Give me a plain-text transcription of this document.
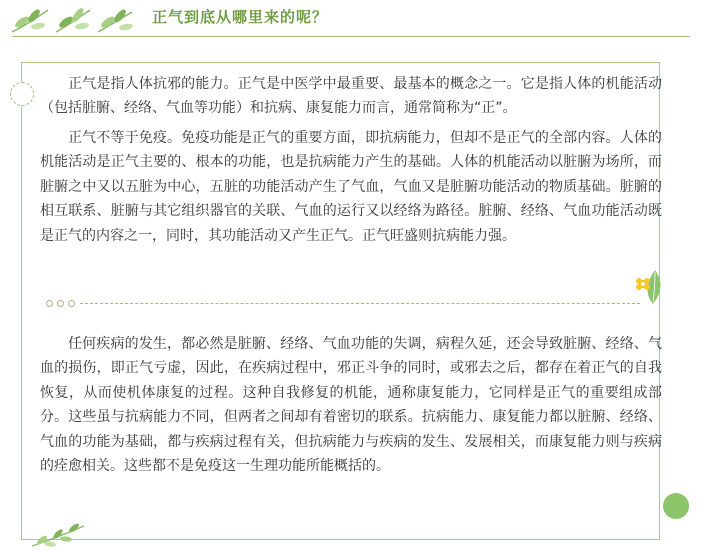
正气到底从哪里来的呢？

正气是指人体抗邪的能力。正气是中医学中最重要、最基本的概念之一。它是指人体的机能活动（包括脏腑、经络、气血等功能）和抗病、康复能力而言，通常简称为“正”。

正气不等于免疫。免疫功能是正气的重要方面，即抗病能力，但却不是正气的全部内容。人体的机能活动是正气主要的、根本的功能，也是抗病能力产生的基础。人体的机能活动以脏腑为场所，而脏腑之中又以五脏为中心，五脏的功能活动产生了气血，气血又是脏腑功能活动的物质基础。脏腑的相互联系、脏腑与其它组织器官的关联、气血的运行又以经络为路径。脏腑、经络、气血功能活动既是正气的内容之一，同时，其功能活动又产生正气。正气旺盛则抗病能力强。

任何疾病的发生，都必然是脏腑、经络、气血功能的失调，病程久延，还会导致脏腑、经络、气血的损伤，即正气亏虚，因此，在疾病过程中，邪正斗争的同时，或邪去之后，都存在着正气的自我恢复，从而使机体康复的过程。这种自我修复的机能，通称康复能力，它同样是正气的重要组成部分。这些虽与抗病能力不同，但两者之间却有着密切的联系。抗病能力、康复能力都以脏腑、经络、气血的功能为基础，都与疾病过程有关，但抗病能力与疾病的发生、发展相关，而康复能力则与疾病的痊愈相关。这些都不是免疫这一生理功能所能概括的。
